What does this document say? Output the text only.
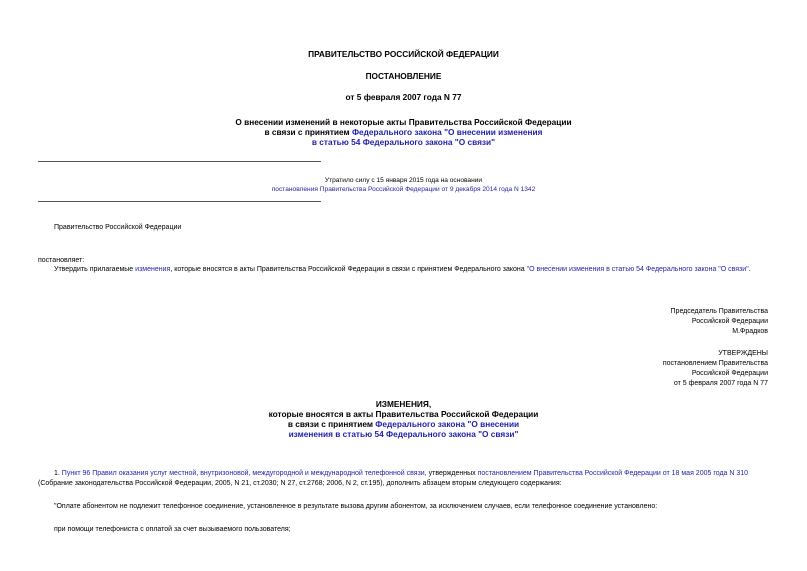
ПРАВИТЕЛЬСТВО РОССИЙСКОЙ ФЕДЕРАЦИИ
ПОСТАНОВЛЕНИЕ
от 5 февраля 2007 года N 77
О внесении изменений в некоторые акты Правительства Российской Федерации
в связи с принятием Федерального закона "О внесении изменения
в статью 54 Федерального закона "О связи"
Утратило силу с 15 января 2015 года на основании
постановления Правительства Российской Федерации от 9 декабря 2014 года N 1342
Правительство Российской Федерации
постановляет:
Утвердить прилагаемые изменения, которые вносятся в акты Правительства Российской Федерации в связи с принятием Федерального закона "О внесении изменения в статью 54 Федерального закона "О связи".
Председатель Правительства
Российской Федерации
М.Фрадков
УТВЕРЖДЕНЫ
постановлением Правительства
Российской Федерации
от 5 февраля 2007 года N 77
ИЗМЕНЕНИЯ,
которые вносятся в акты Правительства Российской Федерации
в связи с принятием Федерального закона "О внесении
изменения в статью 54 Федерального закона "О связи"
1. Пункт 96 Правил оказания услуг местной, внутризоновой, междугородной и международной телефонной связи, утвержденных постановлением Правительства Российской Федерации от 18 мая 2005 года N 310
(Собрание законодательства Российской Федерации, 2005, N 21, ст.2030; N 27, ст.2768; 2006, N 2, ст.195), дополнить абзацем вторым следующего содержания:
"Оплате абонентом не подлежит телефонное соединение, установленное в результате вызова другим абонентом, за исключением случаев, если телефонное соединение установлено:
при помощи телефониста с оплатой за счет вызываемого пользователя;
